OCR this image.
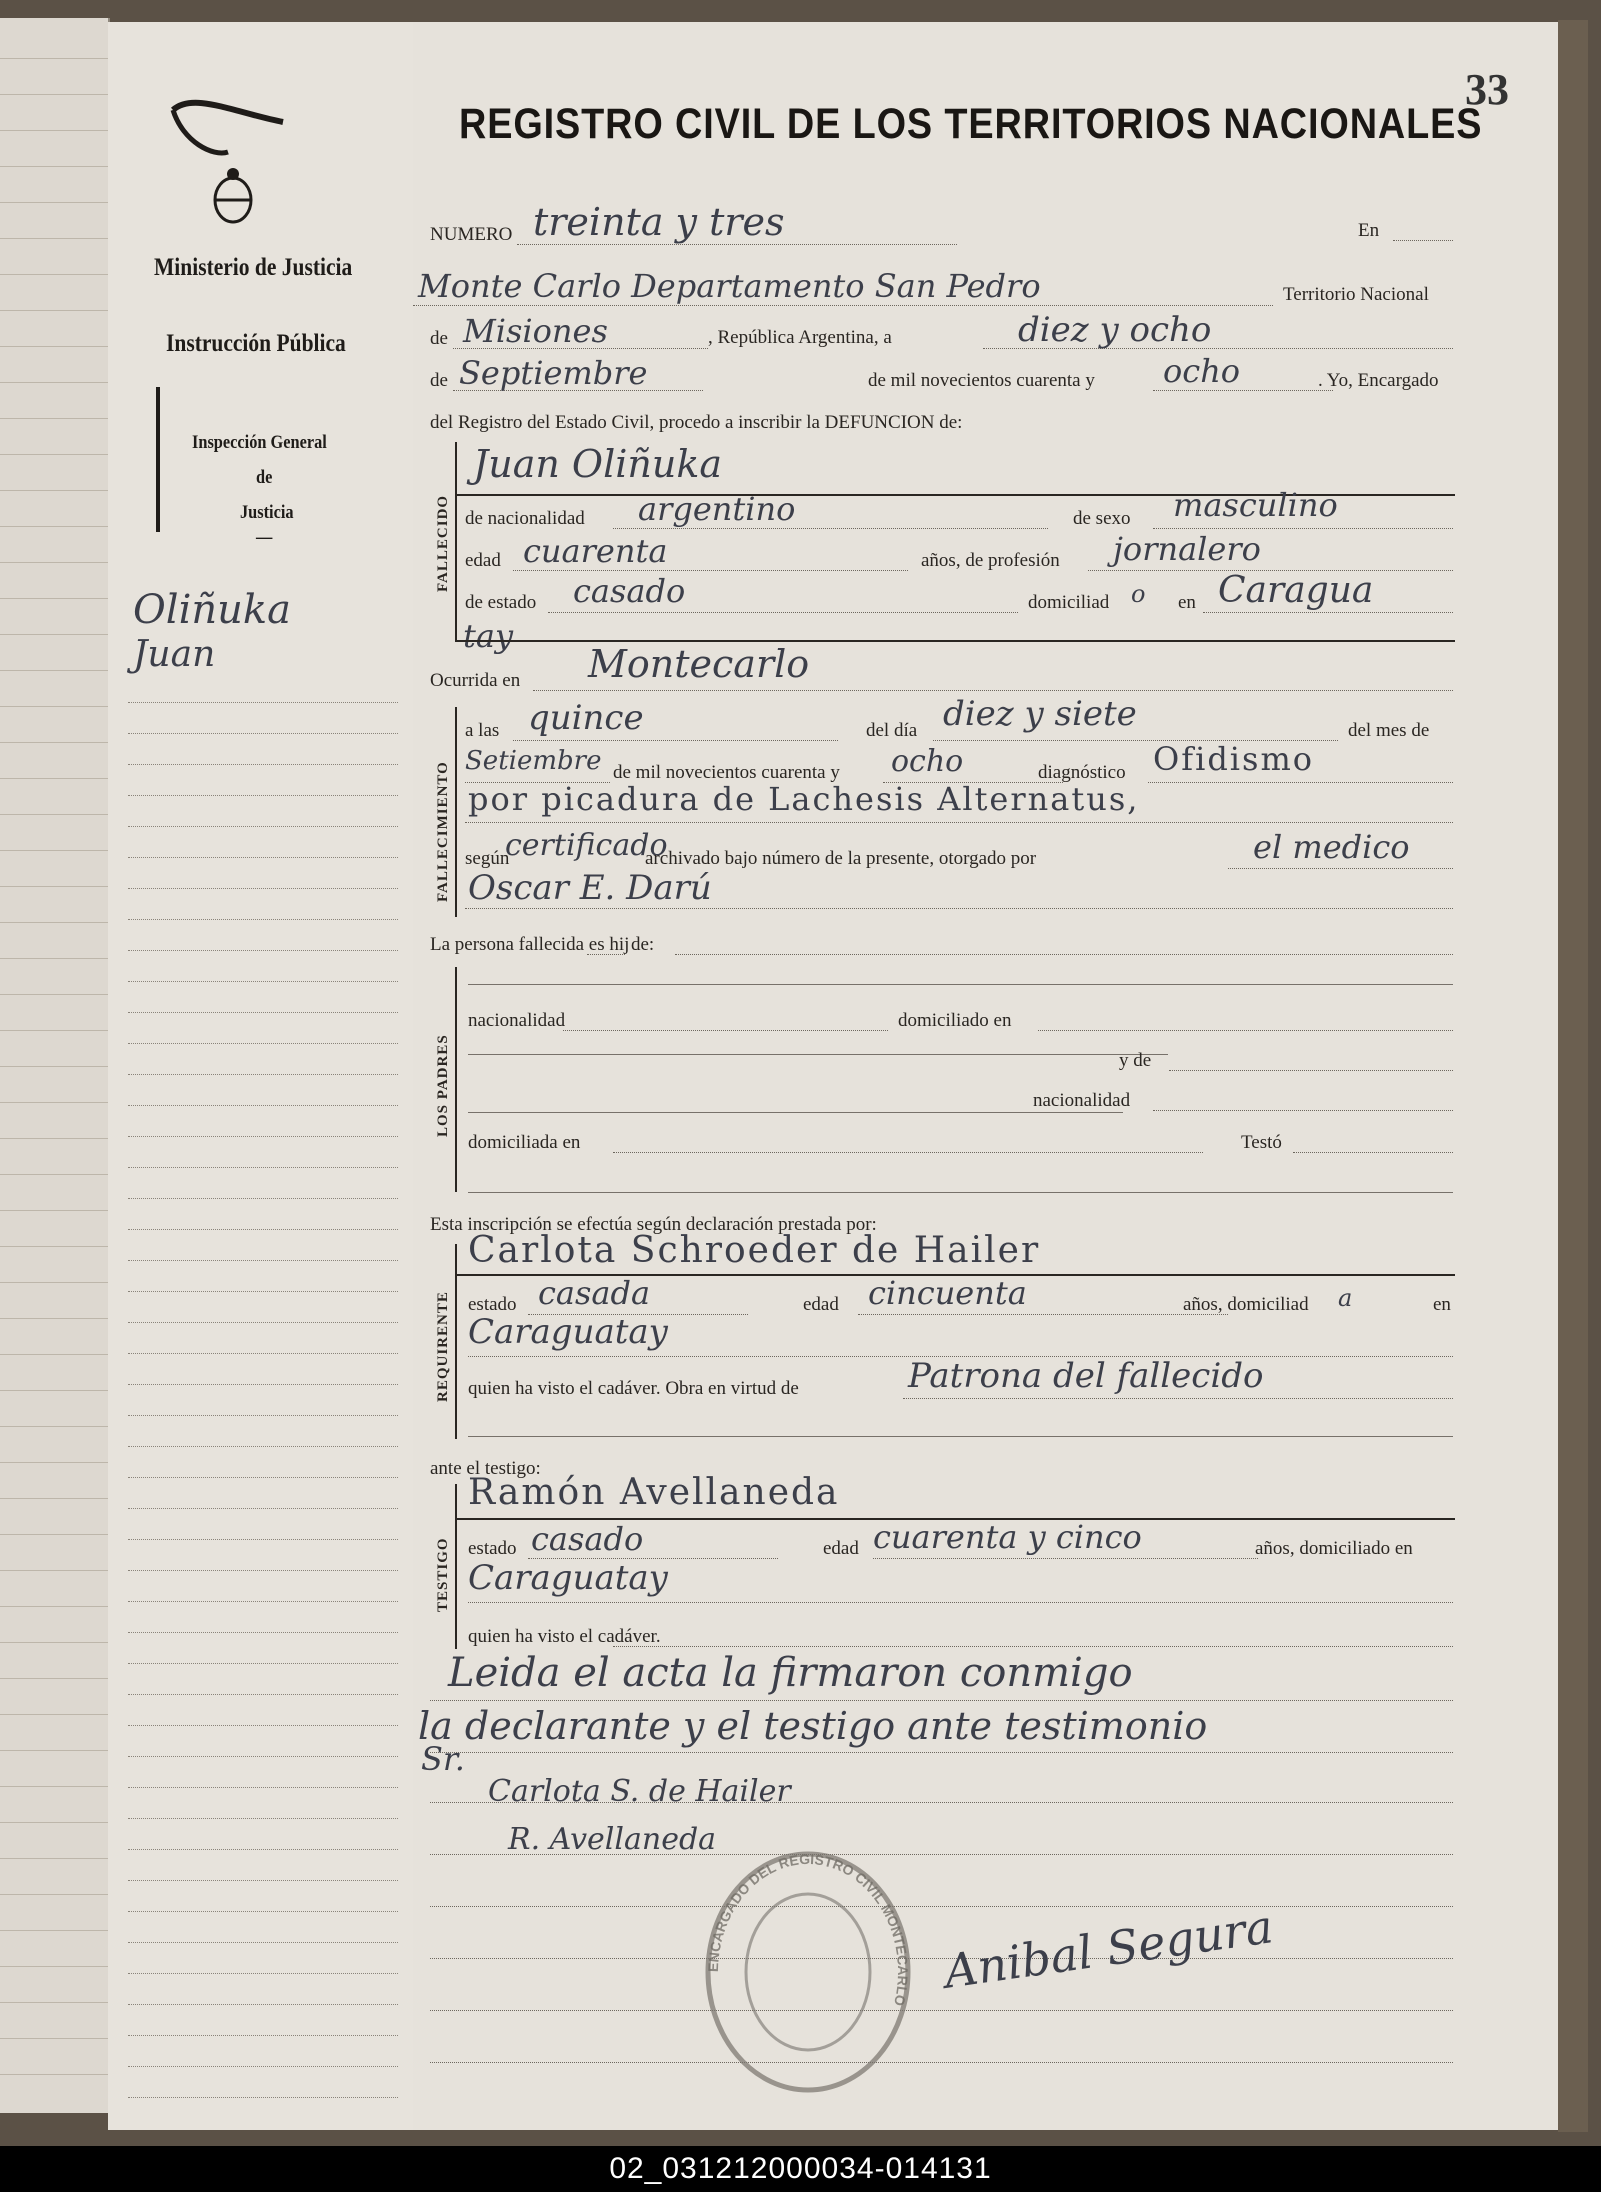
Ministerio de Justicia
Instrucción Pública
Inspección General
de
Justicia
—
Oliñuka
Juan
33
REGISTRO CIVIL DE LOS TERRITORIOS NACIONALES
NUMERO treinta y tres	En
Monte Carlo Departamento San Pedro	Territorio Nacional
de Misiones	, República Argentina, a	diez y ocho
de Septiembre	de mil novecientos cuarenta y ocho	. Yo, Encargado
del Registro del Estado Civil, procedo a inscribir la DEFUNCION de:
FALLECIDO
Juan Oliñuka
de nacionalidad argentino	de sexo masculino
edad cuarenta	años, de profesión jornalero
de estado casado	domiciliad o en Caragua
tay
Ocurrida en Montecarlo
FALLECIMIENTO
a las quince	del día diez y siete	del mes de
Setiembre de mil novecientos cuarenta y ocho	diagnóstico Ofidismo
por picadura de Lachesis Alternatus,
según
certificado
archivado bajo número de la presente, otorgado por	el medico
Oscar E. Darú
La persona fallecida es hij de:
LOS PADRES
nacionalidad	domiciliado en
y de
nacionalidad
domiciliada en	Testó
Esta inscripción se efectúa según declaración prestada por:
REQUIRENTE
Carlota Schroeder de Hailer
estado casada	edad cincuenta	años, domiciliad a	en
Caraguatay
quien ha visto el cadáver. Obra en virtud de	Patrona del fallecido
ante el testigo:
TESTIGO
Ramón Avellaneda
estado casado	edad cuarenta y cinco	años, domiciliado en
Caraguatay
quien ha visto el cadáver.
Leida el acta la firmaron conmigo
la declarante y el testigo ante testimonio
Sr.
Carlota S. de Hailer
R. Avellaneda
Anibal Segura
ENCARGADO DEL REGISTRO CIVIL MONTECARLO
02_031212000034-014131
